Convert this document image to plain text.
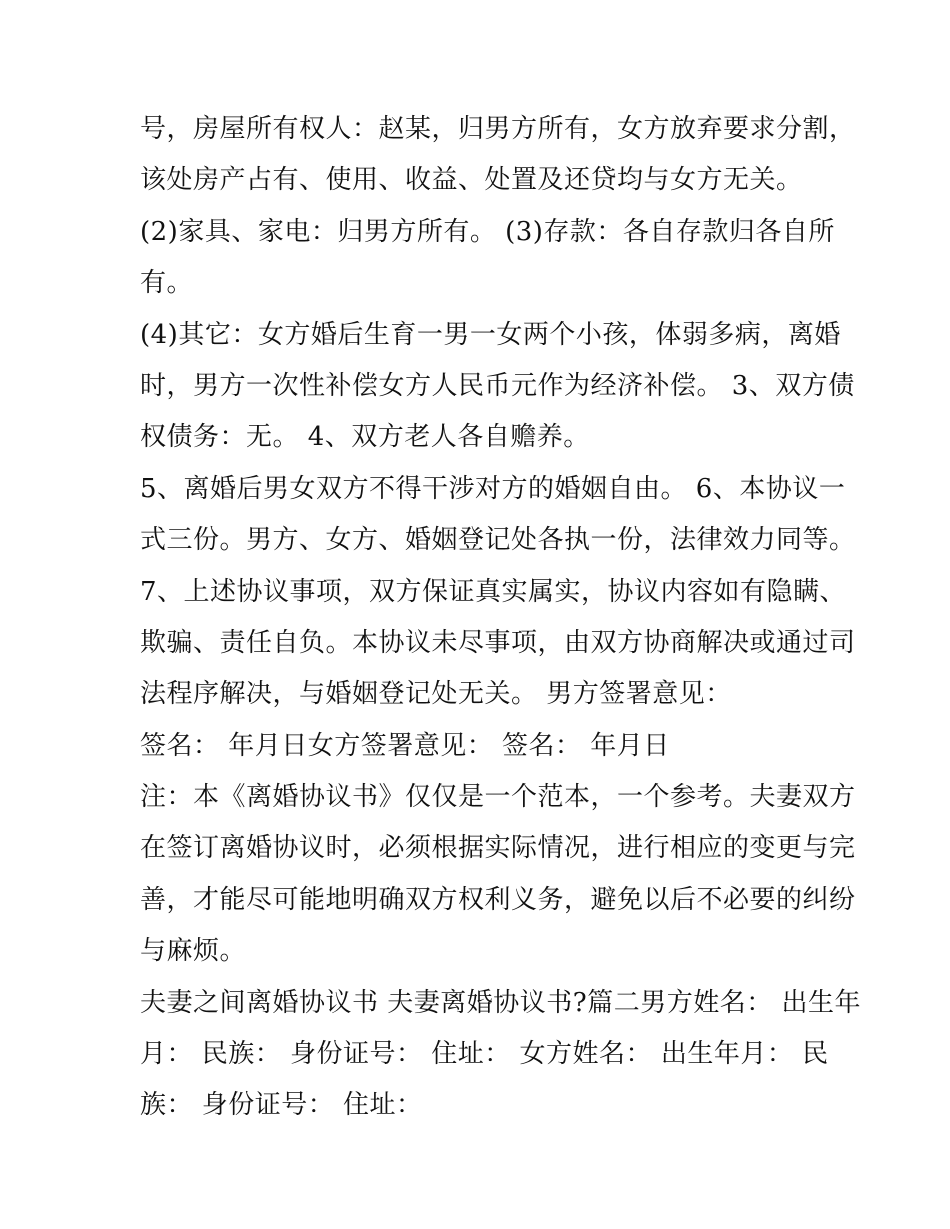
号，房屋所有权人：赵某，归男方所有，女方放弃要求分割，
该处房产占有、使用、收益、处置及还贷均与女方无关。
(2)家具、家电：归男方所有。 (3)存款：各自存款归各自所
有。
(4)其它：女方婚后生育一男一女两个小孩，体弱多病，离婚
时，男方一次性补偿女方人民币元作为经济补偿。 3、双方债
权债务：无。 4、双方老人各自赡养。
5、离婚后男女双方不得干涉对方的婚姻自由。 6、本协议一
式三份。男方、女方、婚姻登记处各执一份，法律效力同等。
7、上述协议事项，双方保证真实属实，协议内容如有隐瞒、
欺骗、责任自负。本协议未尽事项，由双方协商解决或通过司
法程序解决，与婚姻登记处无关。 男方签署意见：
签名： 年月日女方签署意见： 签名： 年月日
注：本《离婚协议书》仅仅是一个范本，一个参考。夫妻双方
在签订离婚协议时，必须根据实际情况，进行相应的变更与完
善，才能尽可能地明确双方权利义务，避免以后不必要的纠纷
与麻烦。
夫妻之间离婚协议书 夫妻离婚协议书?篇二男方姓名： 出生年
月： 民族： 身份证号： 住址： 女方姓名： 出生年月： 民
族： 身份证号： 住址：
